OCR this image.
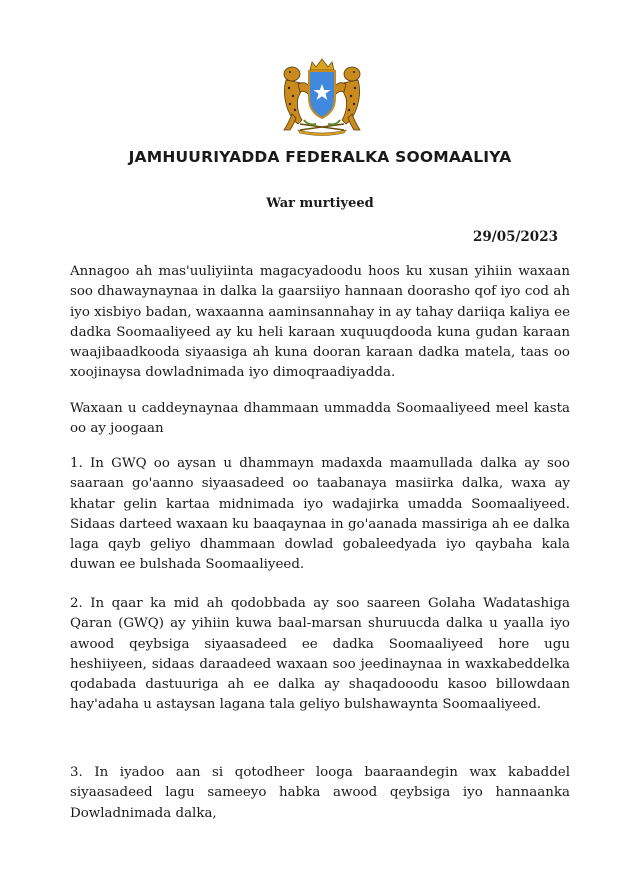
JAMHUURIYADDA FEDERALKA SOOMAALIYA
War murtiyeed
29/05/2023
Annagoo ah mas'uuliyiinta magacyadoodu hoos ku xusan yihiin waxaan soo dhawaynaynaa in dalka la gaarsiiyo hannaan doorasho qof iyo cod ah iyo xisbiyo badan, waxaanna aaminsannahay in ay tahay dariiqa kaliya ee dadka Soomaaliyeed ay ku heli karaan xuquuqdooda kuna gudan karaan waajibaadkooda siyaasiga ah kuna dooran karaan dadka matela, taas oo xoojinaysa dowladnimada iyo dimoqraadiyadda.
Waxaan u caddeynaynaa dhammaan ummadda Soomaaliyeed meel kasta oo ay joogaan
1. In GWQ oo aysan u dhammayn madaxda maamullada dalka ay soo saaraan go'aanno siyaasadeed oo taabanaya masiirka dalka, waxa ay khatar gelin kartaa midnimada iyo wadajirka umadda Soomaaliyeed. Sidaas darteed waxaan ku baaqaynaa in go'aanada massiriga ah ee dalka laga qayb geliyo dhammaan dowlad gobaleedyada iyo qaybaha kala duwan ee bulshada Soomaaliyeed.
2. In qaar ka mid ah qodobbada ay soo saareen Golaha Wadatashiga Qaran (GWQ) ay yihiin kuwa baal-marsan shuruucda dalka u yaalla iyo awood qeybsiga siyaasadeed ee dadka Soomaaliyeed hore ugu heshiiyeen, sidaas daraadeed waxaan soo jeedinaynaa in waxkabeddelka qodabada dastuuriga ah ee dalka ay shaqadooodu kasoo billowdaan hay'adaha u astaysan lagana tala geliyo bulshawaynta Soomaaliyeed.
3. In iyadoo aan si qotodheer looga baaraandegin wax kabaddel siyaasadeed lagu sameeyo habka awood qeybsiga iyo hannaanka Dowladnimada dalka,
